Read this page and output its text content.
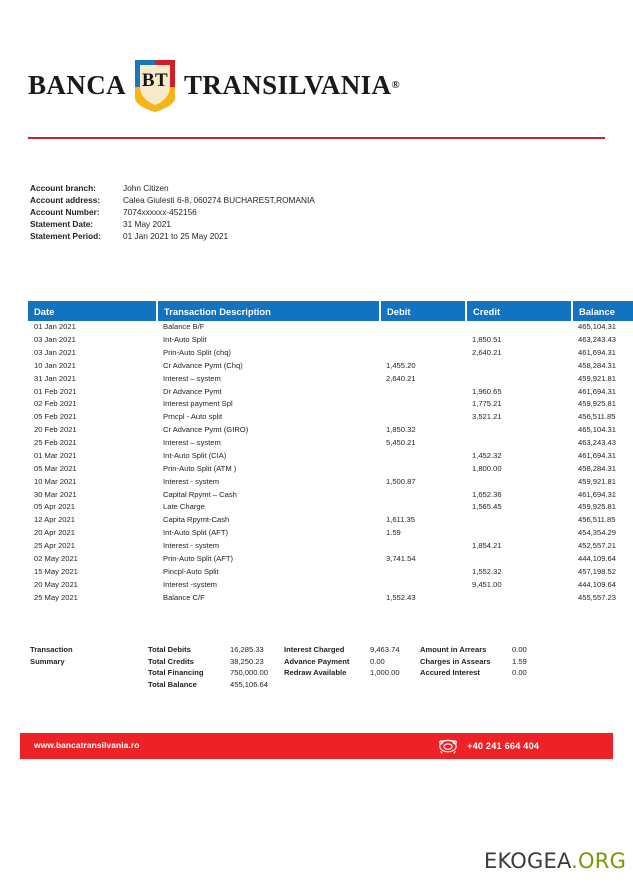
BANCA BT TRANSILVANIA ®
Account branch:	John Citizen
Account address:	Calea Giulesti 6-8, 060274 BUCHAREST,ROMANIA
Account Number:	7074xxxxxx-452156
Statement Date:	31 May 2021
Statement Period:	01 Jan 2021 to 25 May 2021
Date	Transaction Description	Debit	Credit	Balance
01 Jan 2021	Balance B/F			465,104.31
03 Jan 2021	Int-Auto Split		1,850.51	463,243.43
03 Jan 2021	Prin-Auto Split (chq)		2,640.21	461,694.31
10 Jan 2021	Cr Advance Pymt (Chq)	1,455.20		458,284.31
31 Jan 2021	Interest – system	2,640.21		459,921.81
01 Feb 2021	Dr Advance Pymt		1,960.65	461,694.31
02 Feb 2021	Interest payment Spl		1,775.21	459,925.81
05 Feb 2021	Prncpl - Auto split		3,521.21	456,511.85
20 Feb 2021	Cr Advance Pymt (GIRO)	1,850.32		465,104.31
25 Feb 2021	Interest – system	5,450.21		463,243.43
01 Mar 2021	Int-Auto Split (CIA)		1,452.32	461,694.31
05 Mar 2021	Prin-Auto Split (ATM )		1,800.00	458,284.31
10 Mar 2021	Interest - system	1,500.87		459,921.81
30 Mar 2021	Capital Rpymt – Cash		1,652.36	461,694.31
05 Apr 2021	Late Charge		1,565.45	459,925.81
12 Apr 2021	Capita Rpymt-Cash	1,611.35		456,511.85
20 Apr 2021	Int-Auto Split (AFT)	1.59		454,354.29
25 Apr 2021	Interest - system		1,854.21	452,557.21
02 May 2021	Prin-Auto Split (AFT)	3,741.54		444,109.64
15 May 2021	Pincpl-Auto Split		1,552.32	457,198.52
20 May 2021	Interest -system		9,451.00	444,109.64
25 May 2021	Balance C/F	1,552.43		455,557.23
Transaction	Total Debits	16,285.33	Interest Charged	9,463.74	Amount in Arrears	0.00
Summary	Total Credits	38,250.23	Advance Payment	0.00	Charges in Assears	1.59
Total Financing	750,000.00	Redraw Available	1,000.00	Accured Interest	0.00
Total Balance	455,106.64
www.bancatransilvania.ro	+40 241 664 404
EKOGEA.ORG
